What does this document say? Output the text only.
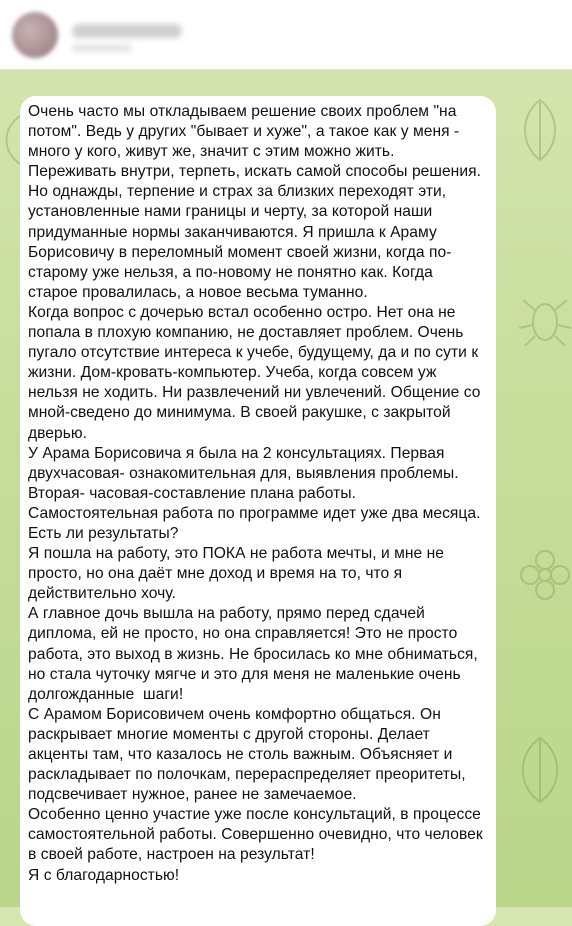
Очень часто мы откладываем решение своих проблем "на потом". Ведь у других "бывает и хуже", а такое как у меня - много у кого, живут же, значит с этим можно жить. Переживать внутри, терпеть, искать самой способы решения. Но однажды, терпение и страх за близких переходят эти, установленные нами границы и черту, за которой наши придуманные нормы заканчиваются. Я пришла к Араму Борисовичу в переломный момент своей жизни, когда по-старому уже нельзя, а по-новому не понятно как. Когда старое провалилась, а новое весьма туманно.
Когда вопрос с дочерью встал особенно остро. Нет она не попала в плохую компанию, не доставляет проблем. Очень пугало отсутствие интереса к учебе, будущему, да и по сути к жизни. Дом-кровать-компьютер. Учеба, когда совсем уж нельзя не ходить. Ни развлечений ни увлечений. Общение со мной-сведено до минимума. В своей ракушке, с закрытой дверью.
У Арама Борисовича я была на 2 консультациях. Первая двухчасовая- ознакомительная для, выявления проблемы.
Вторая- часовая-составление плана работы.
Самостоятельная работа по программе идет уже два месяца.
Есть ли результаты?
Я пошла на работу, это ПОКА не работа мечты, и мне не просто, но она даёт мне доход и время на то, что я действительно хочу.
А главное дочь вышла на работу, прямо перед сдачей диплома, ей не просто, но она справляется! Это не просто работа, это выход в жизнь. Не бросилась ко мне обниматься, но стала чуточку мягче и это для меня не маленькие очень долгожданные  шаги!
С Арамом Борисовичем очень комфортно общаться. Он раскрывает многие моменты с другой стороны. Делает акценты там, что казалось не столь важным. Объясняет и раскладывает по полочкам, перераспределяет преоритеты, подсвечивает нужное, ранее не замечаемое.
Особенно ценно участие уже после консультаций, в процессе самостоятельной работы. Совершенно очевидно, что человек в своей работе, настроен на результат!
Я с благодарностью!
